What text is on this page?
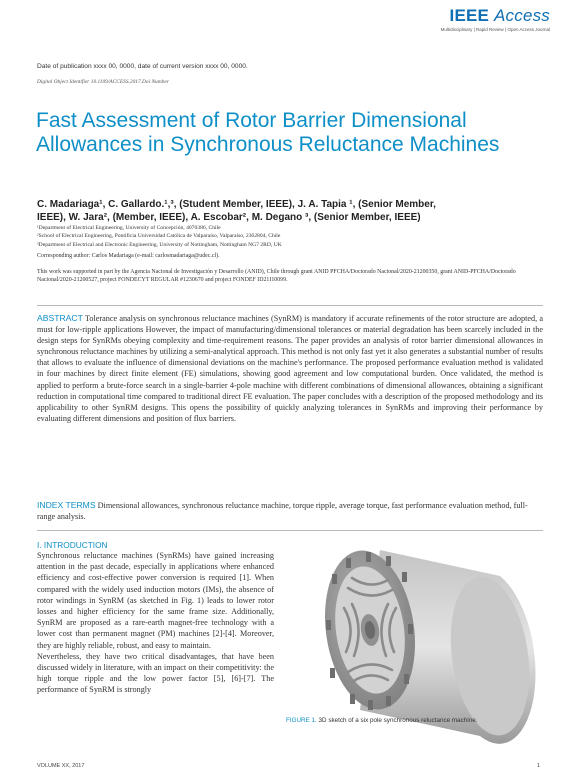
IEEE Access
Multidisciplinary | Rapid Review | Open Access Journal
Date of publication xxxx 00, 0000, date of current version xxxx 00, 0000.
Digital Object Identifier 10.1109/ACCESS.2017.Doi Number
Fast Assessment of Rotor Barrier Dimensional Allowances in Synchronous Reluctance Machines
C. Madariaga¹, C. Gallardo.¹,³, (Student Member, IEEE), J. A. Tapia ¹, (Senior Member,
IEEE), W. Jara², (Member, IEEE), A. Escobar², M. Degano ³, (Senior Member, IEEE)
¹Department of Electrical Engineering, University of Concepción, 4070386, Chile
²School of Electrical Engineering, Pontificia Universidad Católica de Valparaíso, Valparaíso, 2362804, Chile
³Department of Electrical and Electronic Engineering, University of Nottingham, Nottingham NG7 2RD, UK
Corresponding author: Carlos Madariaga (e-mail: carlosmadariaga@udec.cl).
This work was supported in part by the Agencia Nacional de Investigación y Desarrollo (ANID), Chile through grant ANID PFCHA/Doctorado Nacional/2020-21200350, grant ANID-PFCHA/Doctorado Nacional/2020-21200527, project FONDECYT REGULAR #1230670 and project FONDEF ID21I10099.
ABSTRACT Tolerance analysis on synchronous reluctance machines (SynRM) is mandatory if accurate refinements of the rotor structure are adopted, a must for low-ripple applications However, the impact of manufacturing/dimensional tolerances or material degradation has been scarcely included in the design steps for SynRMs obeying complexity and time-requirement reasons. The paper provides an analysis of rotor barrier dimensional allowances in synchronous reluctance machines by utilizing a semi-analytical approach. This method is not only fast yet it also generates a substantial number of results that allows to evaluate the influence of dimensional deviations on the machine's performance. The proposed performance evaluation method is validated in four machines by direct finite element (FE) simulations, showing good agreement and low computational burden. Once validated, the method is applied to perform a brute-force search in a single-barrier 4-pole machine with different combinations of dimensional allowances, obtaining a significant reduction in computational time compared to traditional direct FE evaluation. The paper concludes with a description of the proposed methodology and its applicability to other SynRM designs. This opens the possibility of quickly analyzing tolerances in SynRMs and improving their performance by evaluating different dimensions and position of flux barriers.
INDEX TERMS Dimensional allowances, synchronous reluctance machine, torque ripple, average torque, fast performance evaluation method, full-range analysis.
I. INTRODUCTION

Synchronous reluctance machines (SynRMs) have gained increasing attention in the past decade, especially in applications where enhanced efficiency and cost-effective power conversion is required [1]. When compared with the widely used induction motors (IMs), the absence of rotor windings in SynRM (as sketched in Fig. 1) leads to lower rotor losses and higher efficiency for the same frame size. Additionally, SynRM are proposed as a rare-earth magnet-free technology with a lower cost than permanent magnet (PM) machines [2]-[4]. Moreover, they are highly reliable, robust, and easy to maintain.

Nevertheless, they have two critical disadvantages, that have been discussed widely in literature, with an impact on their competitivity: the high torque ripple and the low power factor [5], [6]-[7]. The performance of SynRM is strongly

FIGURE 1. 3D sketch of a six pole synchronous reluctance machine.
VOLUME XX, 2017	1
